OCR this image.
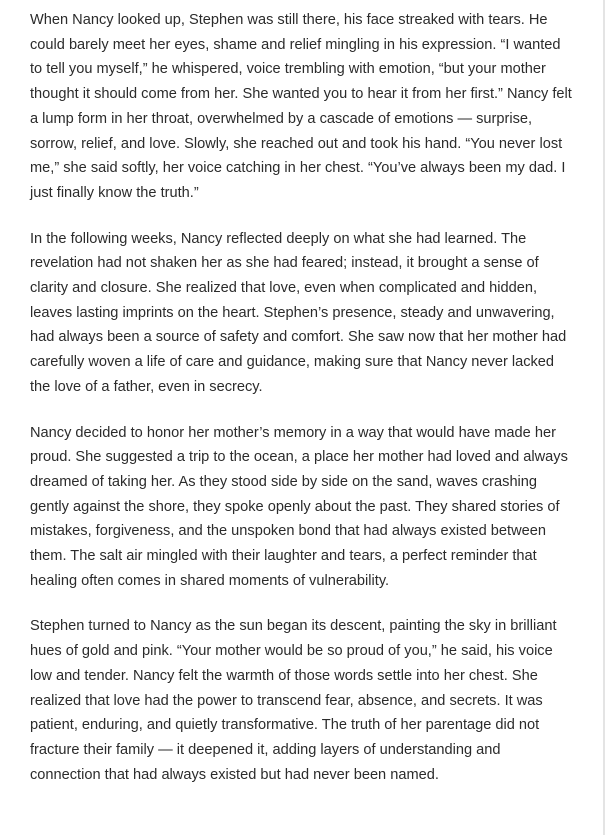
When Nancy looked up, Stephen was still there, his face streaked with tears. He could barely meet her eyes, shame and relief mingling in his expression. “I wanted to tell you myself,” he whispered, voice trembling with emotion, “but your mother thought it should come from her. She wanted you to hear it from her first.” Nancy felt a lump form in her throat, overwhelmed by a cascade of emotions — surprise, sorrow, relief, and love. Slowly, she reached out and took his hand. “You never lost me,” she said softly, her voice catching in her chest. “You’ve always been my dad. I just finally know the truth.”

In the following weeks, Nancy reflected deeply on what she had learned. The revelation had not shaken her as she had feared; instead, it brought a sense of clarity and closure. She realized that love, even when complicated and hidden, leaves lasting imprints on the heart. Stephen’s presence, steady and unwavering, had always been a source of safety and comfort. She saw now that her mother had carefully woven a life of care and guidance, making sure that Nancy never lacked the love of a father, even in secrecy.

Nancy decided to honor her mother’s memory in a way that would have made her proud. She suggested a trip to the ocean, a place her mother had loved and always dreamed of taking her. As they stood side by side on the sand, waves crashing gently against the shore, they spoke openly about the past. They shared stories of mistakes, forgiveness, and the unspoken bond that had always existed between them. The salt air mingled with their laughter and tears, a perfect reminder that healing often comes in shared moments of vulnerability.

Stephen turned to Nancy as the sun began its descent, painting the sky in brilliant hues of gold and pink. “Your mother would be so proud of you,” he said, his voice low and tender. Nancy felt the warmth of those words settle into her chest. She realized that love had the power to transcend fear, absence, and secrets. It was patient, enduring, and quietly transformative. The truth of her parentage did not fracture their family — it deepened it, adding layers of understanding and connection that had always existed but had never been named.
